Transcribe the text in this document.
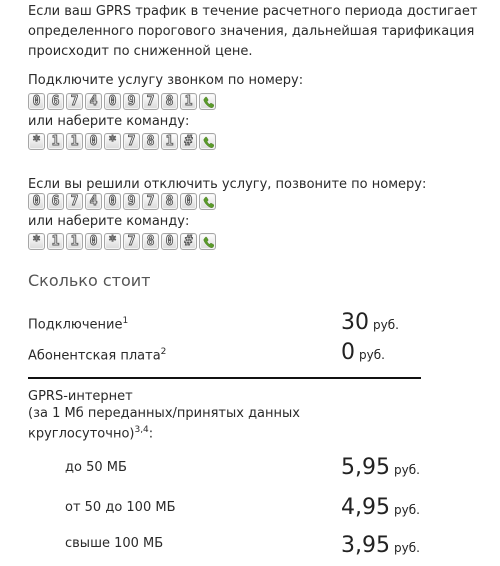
Если ваш GPRS трафик в течение расчетного периода достигает определенного порогового значения, дальнейшая тарификация происходит по сниженной цене.
Подключите услугу звонком по номеру:
0 6 7 4 0 9 7 8 1
или наберите команду:
* 1 1 0 * 7 8 1 #
Если вы решили отключить услугу, позвоните по номеру:
0 6 7 4 0 9 7 8 0
или наберите команду:
* 1 1 0 * 7 8 0 #
Сколько стоит
Подключение$^1$	30 руб.
Абонентская плата$^2$	0 руб.
GPRS-интернет
(за 1 Мб переданных/принятых данных
круглосуточно)$^{3,4}$:
до 50 МБ	5,95 руб.
от 50 до 100 МБ	4,95 руб.
свыше 100 МБ	3,95 руб.
